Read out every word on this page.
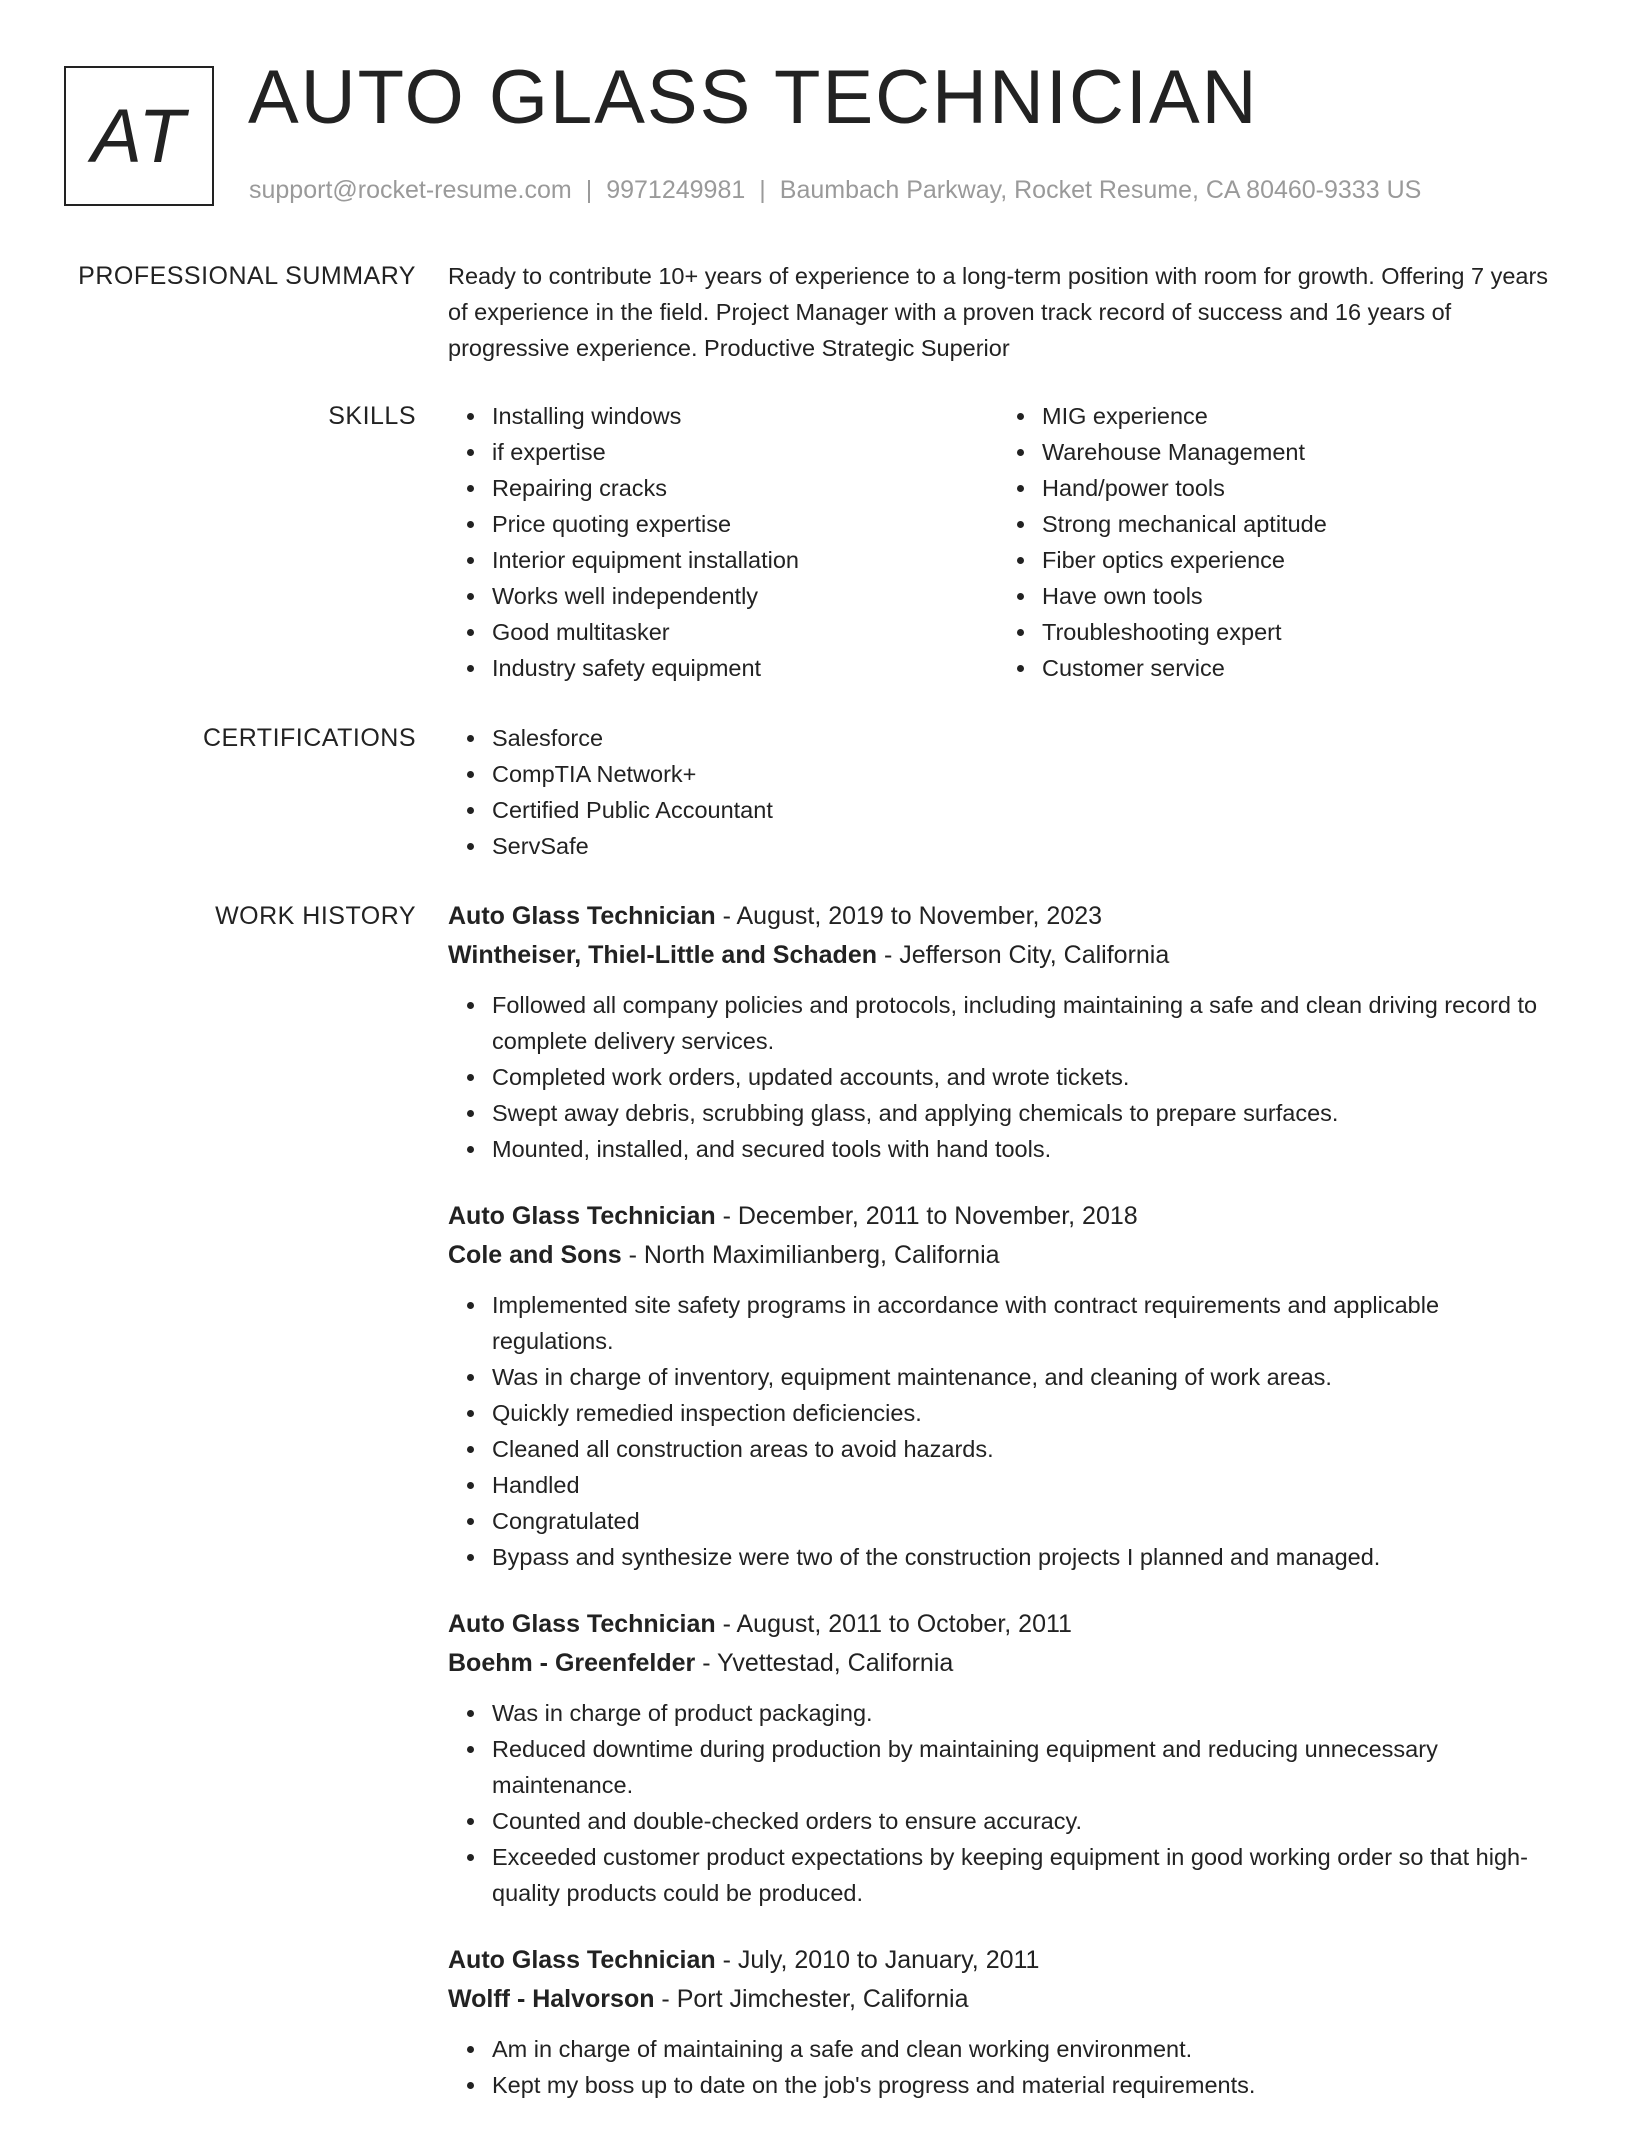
AT AUTO GLASS TECHNICIAN
support@rocket-resume.com | 9971249981 | Baumbach Parkway, Rocket Resume, CA 80460-9333 US
PROFESSIONAL SUMMARY Ready to contribute 10+ years of experience to a long-term position with room for growth. Offering 7 years of experience in the field. Project Manager with a proven track record of success and 16 years of progressive experience. Productive Strategic Superior

SKILLS	Installing windows
if expertise
Repairing cracks
Price quoting expertise
Interior equipment installation
Works well independently
Good multitasker
Industry safety equipment
MIG experience
Warehouse Management
Hand/power tools
Strong mechanical aptitude
Fiber optics experience
Have own tools
Troubleshooting expert
Customer service
CERTIFICATIONS	Salesforce
CompTIA Network+
Certified Public Accountant
ServSafe
WORK HISTORY Auto Glass Technician - August, 2019 to November, 2023
Wintheiser, Thiel-Little and Schaden - Jefferson City, California
Followed all company policies and protocols, including maintaining a safe and clean driving record to complete delivery services.
Completed work orders, updated accounts, and wrote tickets.
Swept away debris, scrubbing glass, and applying chemicals to prepare surfaces.
Mounted, installed, and secured tools with hand tools.
Auto Glass Technician - December, 2011 to November, 2018
Cole and Sons - North Maximilianberg, California
Implemented site safety programs in accordance with contract requirements and applicable regulations.
Was in charge of inventory, equipment maintenance, and cleaning of work areas.
Quickly remedied inspection deficiencies.
Cleaned all construction areas to avoid hazards.
Handled
Congratulated
Bypass and synthesize were two of the construction projects I planned and managed.
Auto Glass Technician - August, 2011 to October, 2011
Boehm - Greenfelder - Yvettestad, California
Was in charge of product packaging.
Reduced downtime during production by maintaining equipment and reducing unnecessary maintenance.
Counted and double-checked orders to ensure accuracy.
Exceeded customer product expectations by keeping equipment in good working order so that high-quality products could be produced.
Auto Glass Technician - July, 2010 to January, 2011
Wolff - Halvorson - Port Jimchester, California
Am in charge of maintaining a safe and clean working environment.
Kept my boss up to date on the job's progress and material requirements.
